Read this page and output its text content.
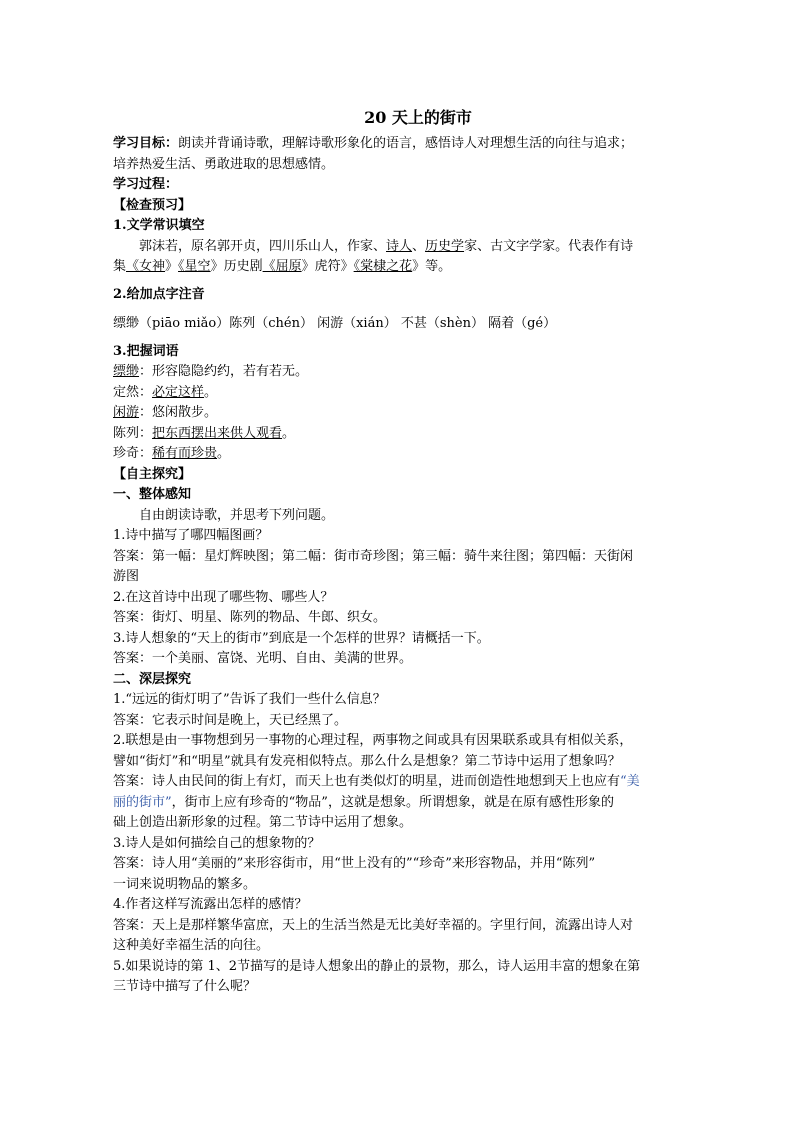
20 天上的街市
学习目标：朗读并背诵诗歌，理解诗歌形象化的语言，感悟诗人对理想生活的向往与追求；
培养热爱生活、勇敢进取的思想感情。
学习过程：
【检查预习】
1.文学常识填空
郭沫若，原名郭开贞，四川乐山人，作家、诗人、历史学家、古文字学家。代表作有诗
集《女神》《星空》历史剧《屈原》虎符》《棠棣之花》等。
2.给加点字注音
缥缈（piāo miǎo）陈列（chén） 闲游（xián） 不甚（shèn） 隔着（gé）
3.把握词语
缥缈：形容隐隐约约，若有若无。
定然：必定这样。
闲游：悠闲散步。
陈列：把东西摆出来供人观看。
珍奇：稀有而珍贵。
【自主探究】
一、整体感知
自由朗读诗歌，并思考下列问题。
1.诗中描写了哪四幅图画？
答案：第一幅：星灯辉映图；第二幅：街市奇珍图；第三幅：骑牛来往图；第四幅：天街闲
游图
2.在这首诗中出现了哪些物、哪些人？
答案：街灯、明星、陈列的物品、牛郎、织女。
3.诗人想象的“天上的街市”到底是一个怎样的世界？请概括一下。
答案：一个美丽、富饶、光明、自由、美满的世界。
二、深层探究
1.“远远的街灯明了”告诉了我们一些什么信息？
答案：它表示时间是晚上，天已经黑了。
2.联想是由一事物想到另一事物的心理过程，两事物之间或具有因果联系或具有相似关系，
譬如“街灯”和“明星”就具有发亮相似特点。那么什么是想象？第二节诗中运用了想象吗？
答案：诗人由民间的街上有灯，而天上也有类似灯的明星，进而创造性地想到天上也应有“美
丽的街市”，街市上应有珍奇的“物品”，这就是想象。所谓想象，就是在原有感性形象的
础上创造出新形象的过程。第二节诗中运用了想象。
3.诗人是如何描绘自己的想象物的？
答案：诗人用“美丽的”来形容街市，用“世上没有的”“珍奇”来形容物品，并用“陈列”
一词来说明物品的繁多。
4.作者这样写流露出怎样的感情？
答案：天上是那样繁华富庶，天上的生活当然是无比美好幸福的。字里行间，流露出诗人对
这种美好幸福生活的向往。
5.如果说诗的第 1、2节描写的是诗人想象出的静止的景物，那么，诗人运用丰富的想象在第
三节诗中描写了什么呢？
